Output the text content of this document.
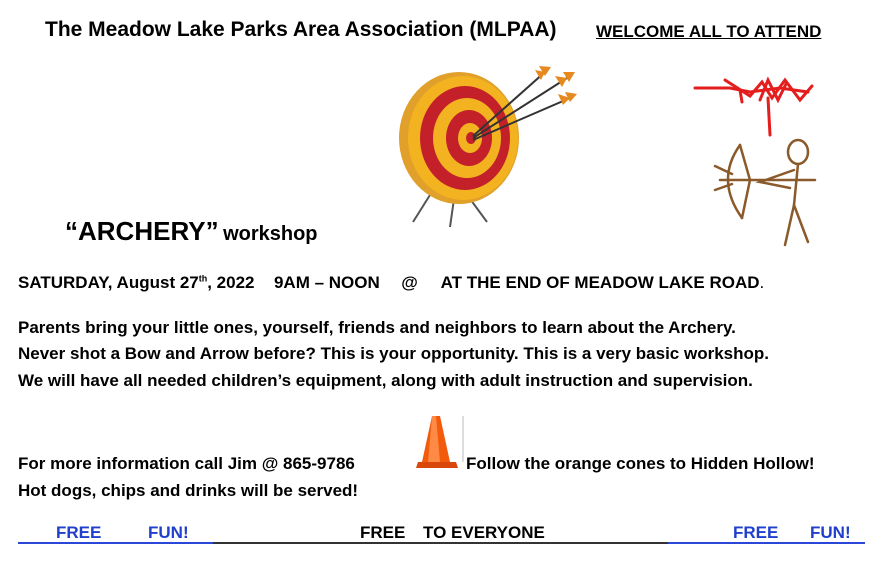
The Meadow Lake Parks Area Association (MLPAA) WELCOME ALL TO ATTEND
“ARCHERY” workshop
SATURDAY, August 27th, 2022 9AM – NOON @ AT THE END OF MEADOW LAKE ROAD.
Parents bring your little ones, yourself, friends and neighbors to learn about the Archery.
Never shot a Bow and Arrow before? This is your opportunity. This is a very basic workshop.
We will have all needed children’s equipment, along with adult instruction and supervision.
For more information call Jim @ 865-9786	Follow the orange cones to Hidden Hollow!
Hot dogs, chips and drinks will be served!
FREE	FUN!	FREE TO EVERYONE	FREE FUN!
